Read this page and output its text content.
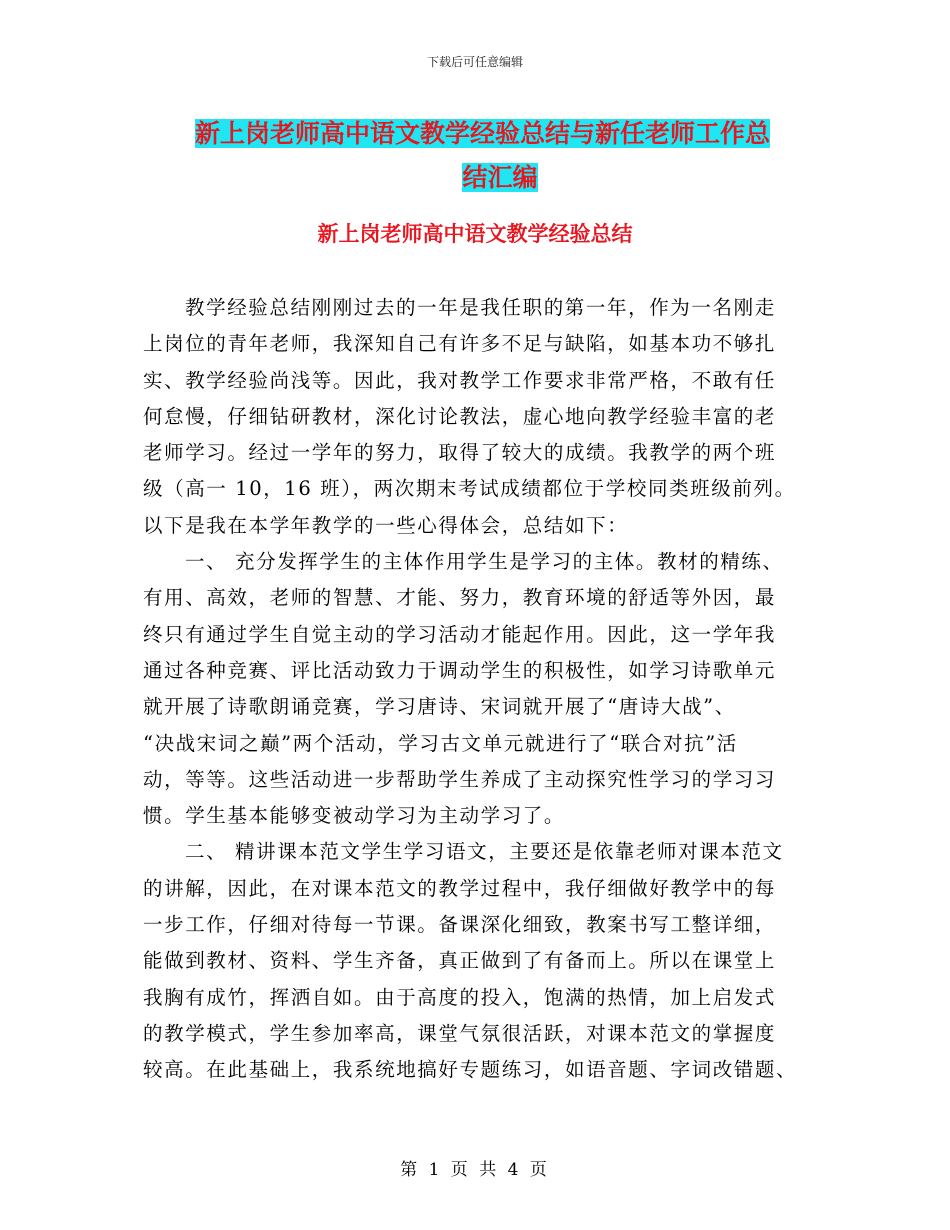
下载后可任意编辑
新上岗老师高中语文教学经验总结与新任老师工作总
结汇编
新上岗老师高中语文教学经验总结
教学经验总结刚刚过去的一年是我任职的第一年，作为一名刚走
上岗位的青年老师，我深知自己有许多不足与缺陷，如基本功不够扎
实、教学经验尚浅等。因此，我对教学工作要求非常严格，不敢有任
何怠慢，仔细钻研教材，深化讨论教法，虚心地向教学经验丰富的老
老师学习。经过一学年的努力，取得了较大的成绩。我教学的两个班
级（高一 10，16 班），两次期末考试成绩都位于学校同类班级前列。
以下是我在本学年教学的一些心得体会，总结如下：
一、 充分发挥学生的主体作用学生是学习的主体。教材的精练、
有用、高效，老师的智慧、才能、努力，教育环境的舒适等外因，最
终只有通过学生自觉主动的学习活动才能起作用。因此，这一学年我
通过各种竞赛、评比活动致力于调动学生的积极性，如学习诗歌单元
就开展了诗歌朗诵竞赛，学习唐诗、宋词就开展了“唐诗大战”、
“决战宋词之巅”两个活动，学习古文单元就进行了“联合对抗”活
动，等等。这些活动进一步帮助学生养成了主动探究性学习的学习习
惯。学生基本能够变被动学习为主动学习了。
二、 精讲课本范文学生学习语文，主要还是依靠老师对课本范文
的讲解，因此，在对课本范文的教学过程中，我仔细做好教学中的每
一步工作，仔细对待每一节课。备课深化细致，教案书写工整详细，
能做到教材、资料、学生齐备，真正做到了有备而上。所以在课堂上
我胸有成竹，挥洒自如。由于高度的投入，饱满的热情，加上启发式
的教学模式，学生参加率高，课堂气氛很活跃，对课本范文的掌握度
较高。在此基础上，我系统地搞好专题练习，如语音题、字词改错题、
第 1 页 共 4 页
